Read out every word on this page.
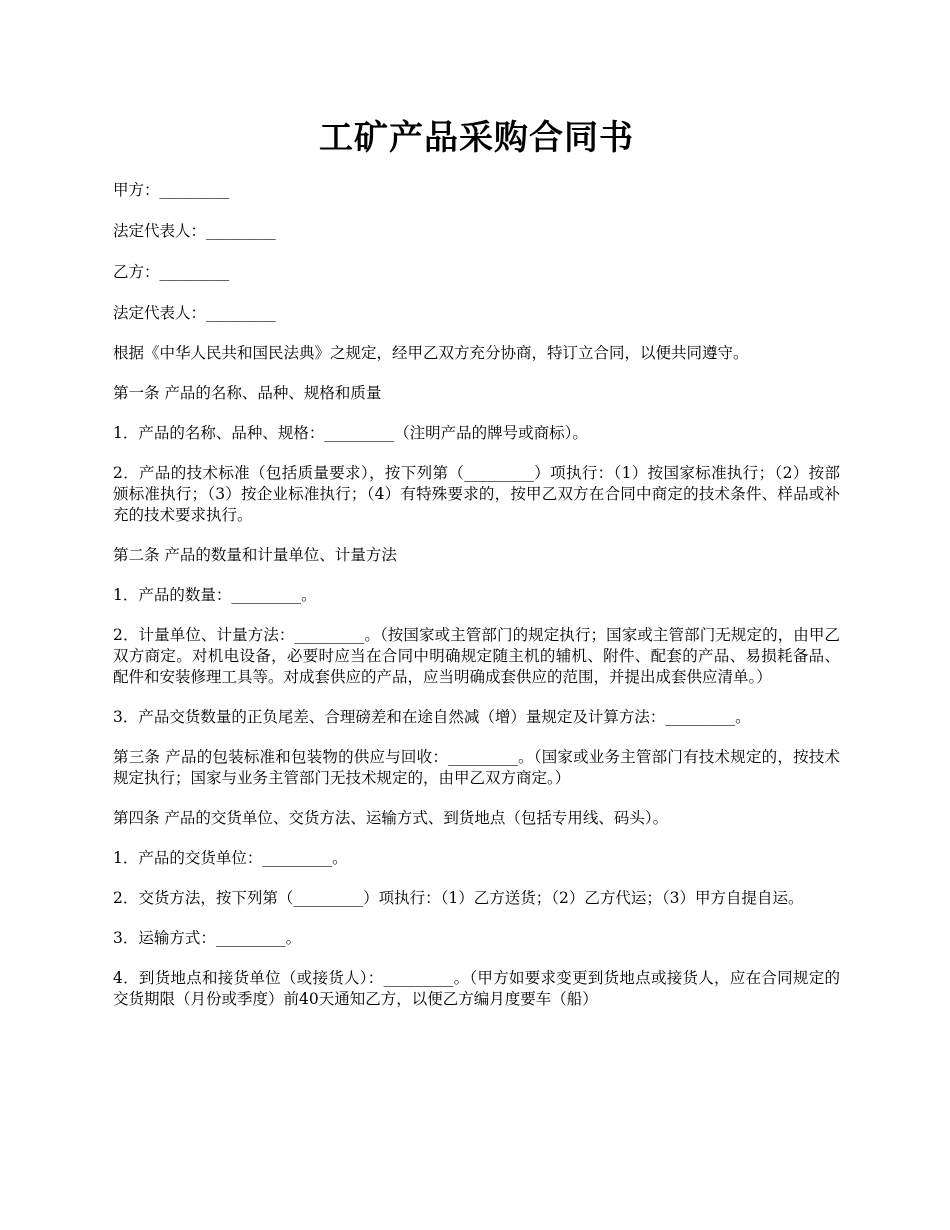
工矿产品采购合同书

甲方：_________

法定代表人：_________

乙方：_________

法定代表人：_________

根据《中华人民共和国民法典》之规定，经甲乙双方充分协商，特订立合同，以便共同遵守。

第一条 产品的名称、品种、规格和质量

1．产品的名称、品种、规格：_________（注明产品的牌号或商标）。

2．产品的技术标准（包括质量要求），按下列第（_________）项执行：（1）按国家标准执行；（2）按部颁标准执行；（3）按企业标准执行；（4）有特殊要求的，按甲乙双方在合同中商定的技术条件、样品或补充的技术要求执行。

第二条 产品的数量和计量单位、计量方法

1．产品的数量：_________。

2．计量单位、计量方法：_________。（按国家或主管部门的规定执行；国家或主管部门无规定的，由甲乙双方商定。对机电设备，必要时应当在合同中明确规定随主机的辅机、附件、配套的产品、易损耗备品、配件和安装修理工具等。对成套供应的产品，应当明确成套供应的范围，并提出成套供应清单。）

3．产品交货数量的正负尾差、合理磅差和在途自然减（增）量规定及计算方法：_________。

第三条 产品的包装标准和包装物的供应与回收：_________。（国家或业务主管部门有技术规定的，按技术规定执行；国家与业务主管部门无技术规定的，由甲乙双方商定。）

第四条 产品的交货单位、交货方法、运输方式、到货地点（包括专用线、码头）。

1．产品的交货单位：_________。

2．交货方法，按下列第（_________）项执行：（1）乙方送货；（2）乙方代运；（3）甲方自提自运。

3．运输方式：_________。

4．到货地点和接货单位（或接货人）：_________。（甲方如要求变更到货地点或接货人，应在合同规定的交货期限（月份或季度）前40天通知乙方，以便乙方编月度要车（船）
